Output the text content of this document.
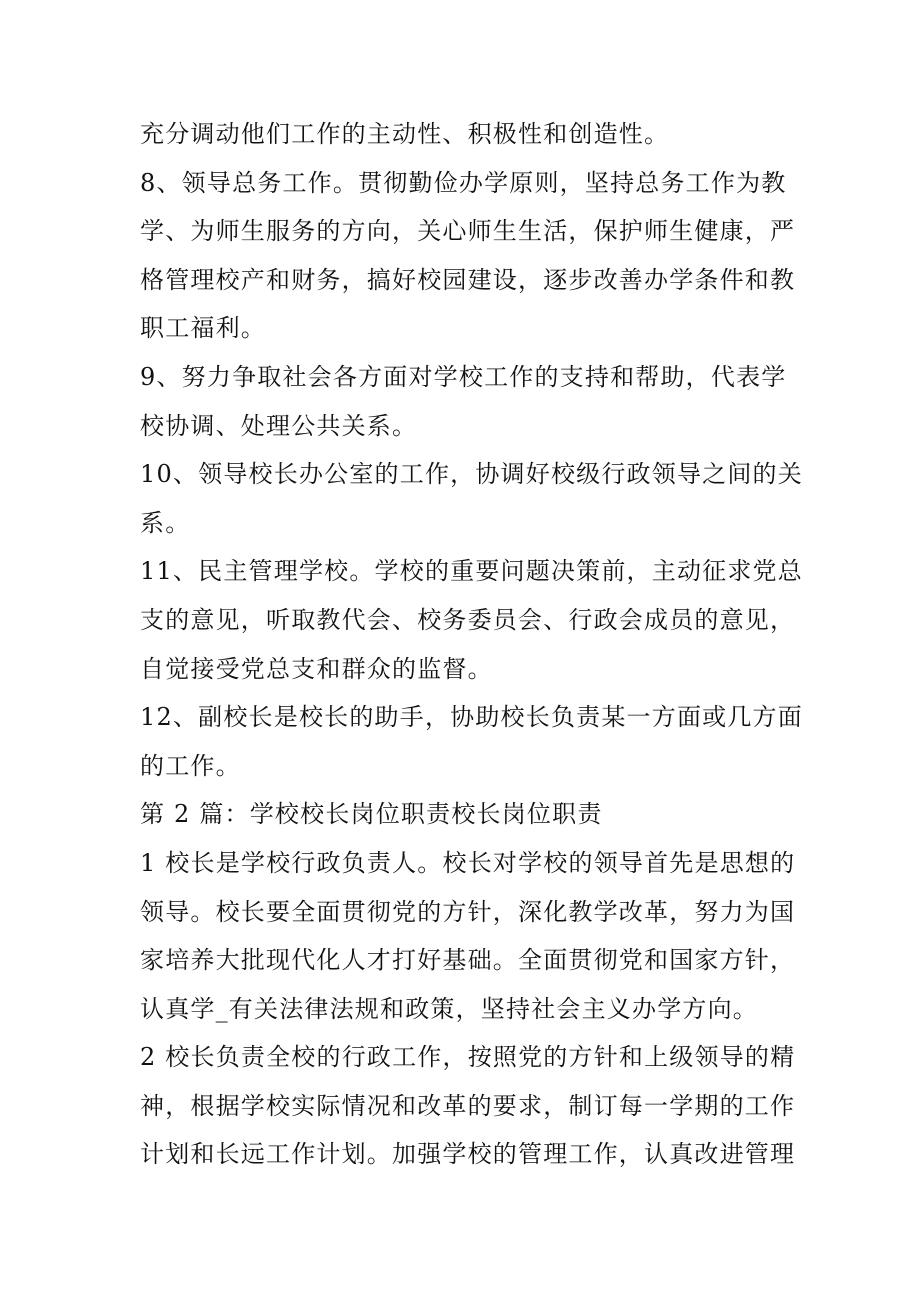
充分调动他们工作的主动性、积极性和创造性。
8、领导总务工作。贯彻勤俭办学原则，坚持总务工作为教
学、为师生服务的方向，关心师生生活，保护师生健康，严
格管理校产和财务，搞好校园建设，逐步改善办学条件和教
职工福利。
9、努力争取社会各方面对学校工作的支持和帮助，代表学
校协调、处理公共关系。
10、领导校长办公室的工作，协调好校级行政领导之间的关
系。
11、民主管理学校。学校的重要问题决策前，主动征求党总
支的意见，听取教代会、校务委员会、行政会成员的意见，
自觉接受党总支和群众的监督。
12、副校长是校长的助手，协助校长负责某一方面或几方面
的工作。
第 2 篇：学校校长岗位职责校长岗位职责
1 校长是学校行政负责人。校长对学校的领导首先是思想的
领导。校长要全面贯彻党的方针，深化教学改革，努力为国
家培养大批现代化人才打好基础。全面贯彻党和国家方针，
认真学_有关法律法规和政策，坚持社会主义办学方向。
2 校长负责全校的行政工作，按照党的方针和上级领导的精
神，根据学校实际情况和改革的要求，制订每一学期的工作
计划和长远工作计划。加强学校的管理工作，认真改进管理
